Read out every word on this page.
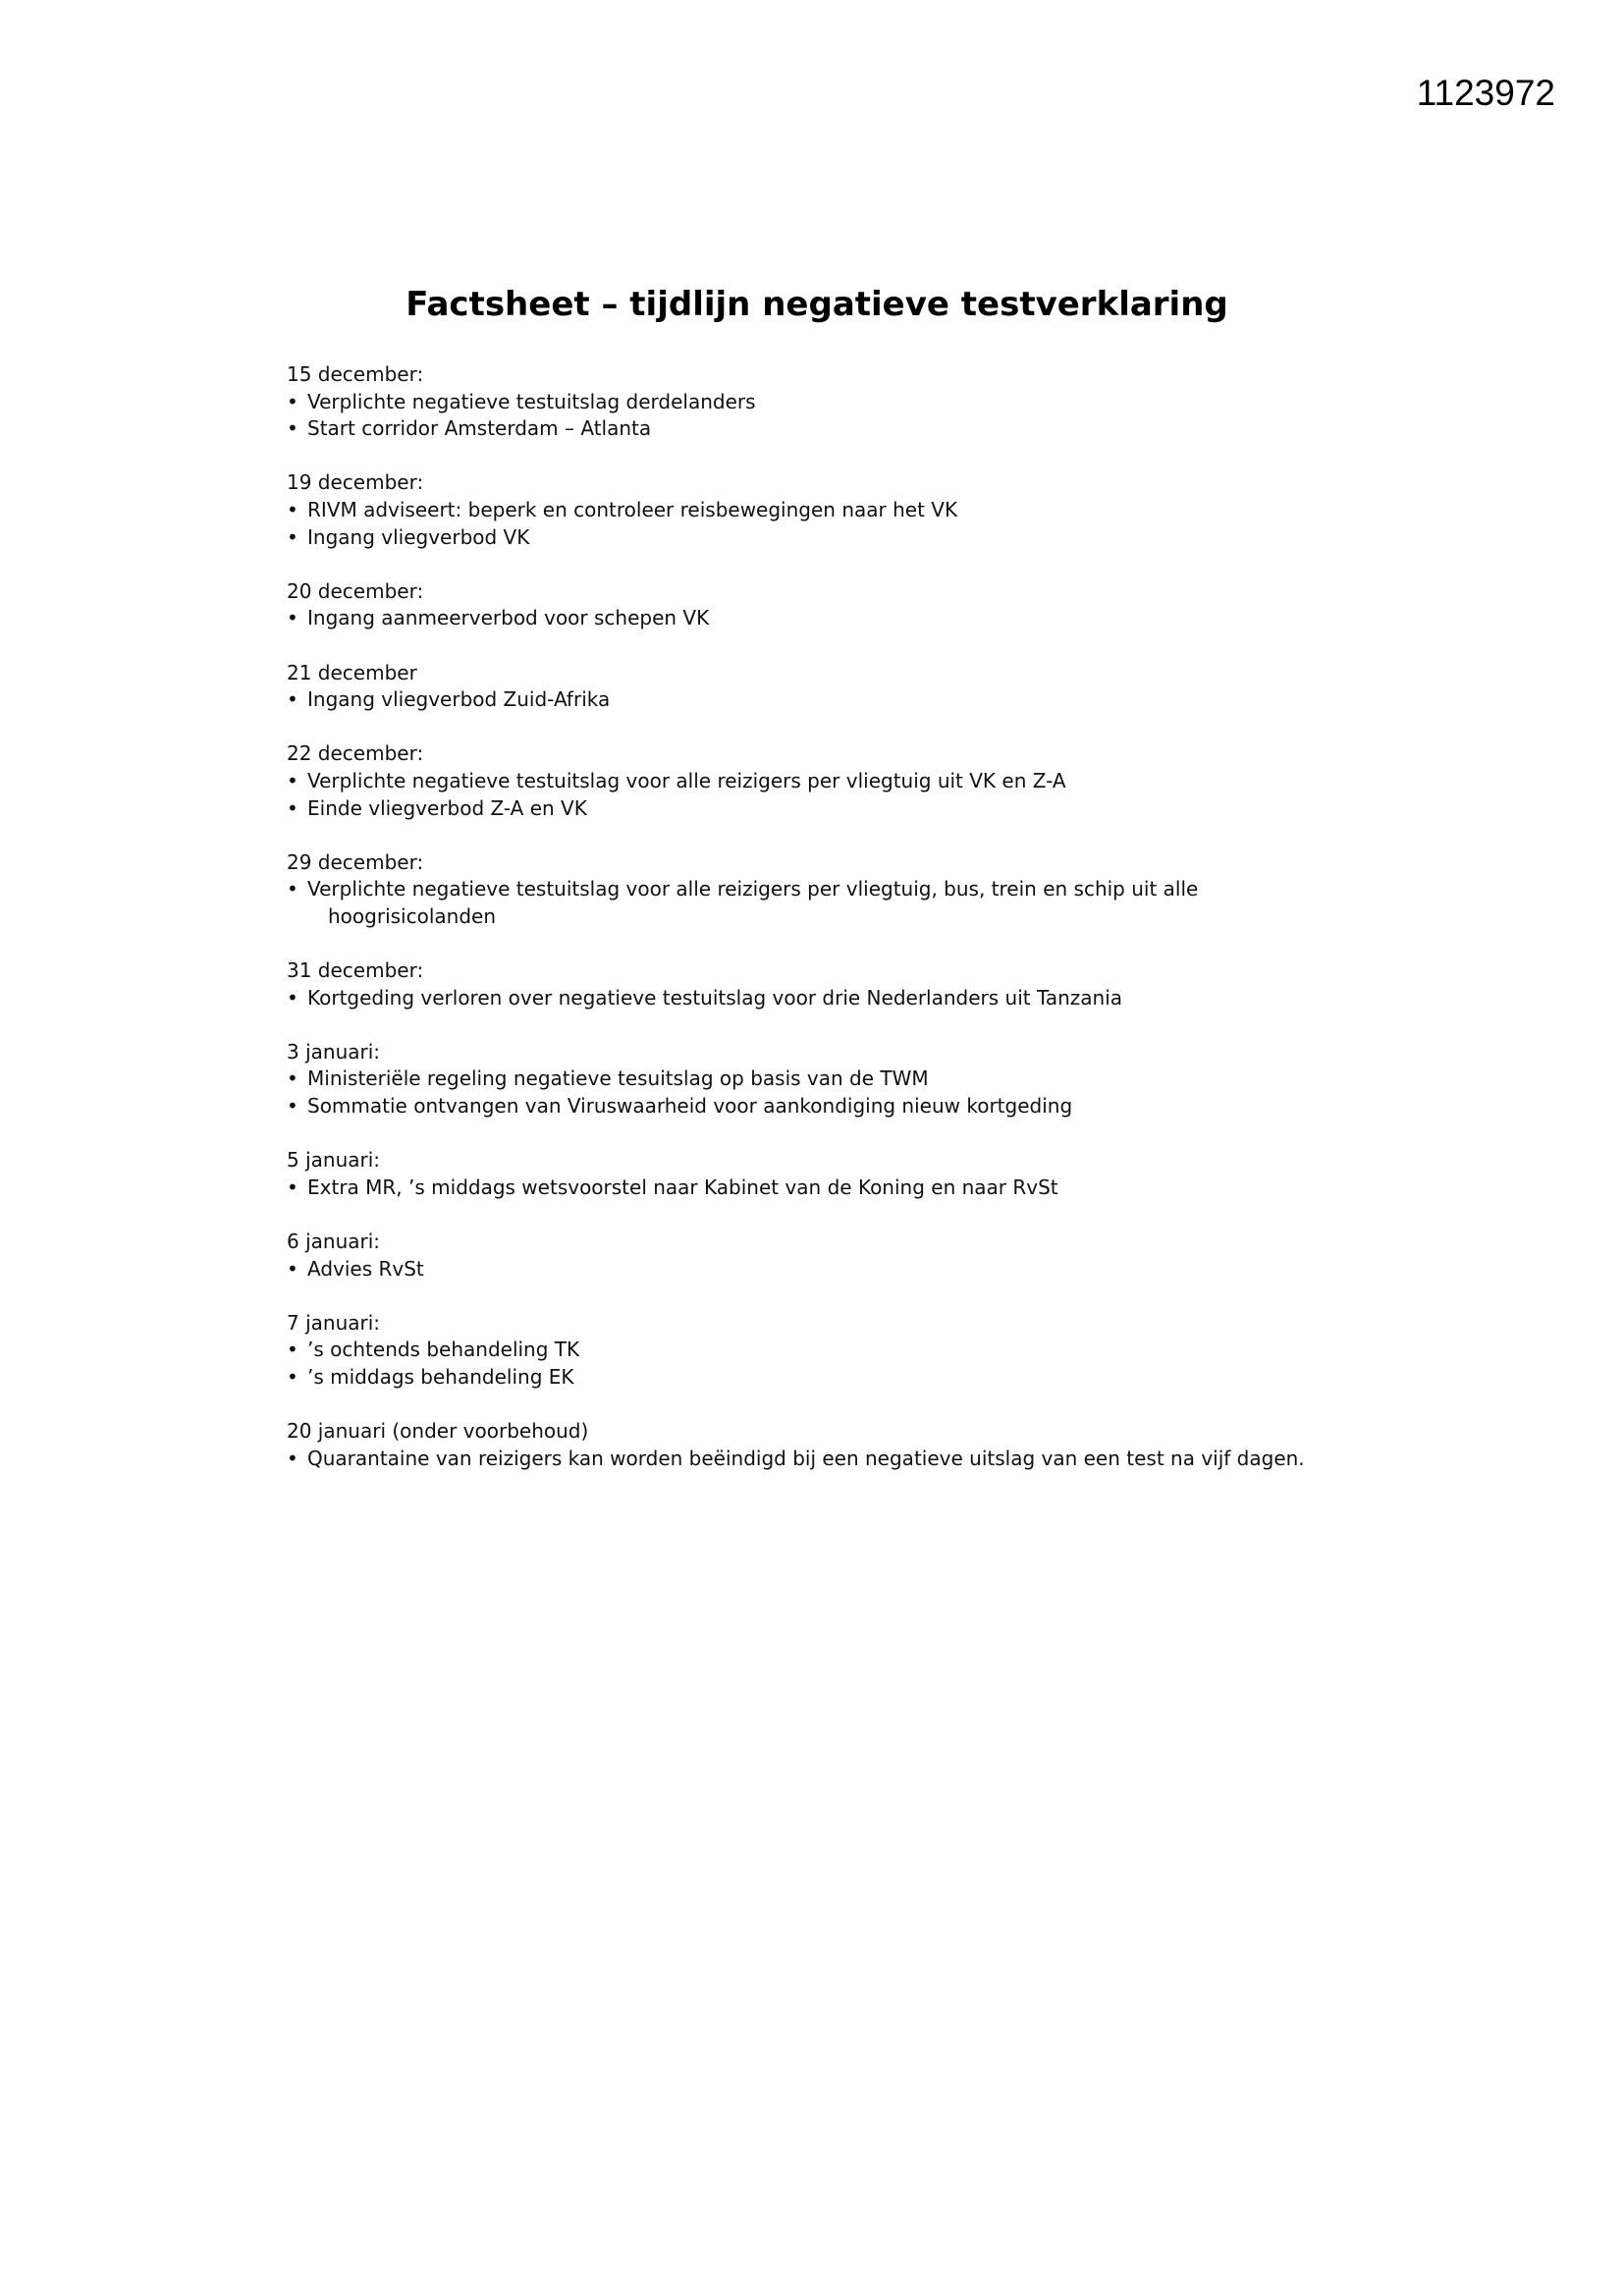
1123972
Factsheet – tijdlijn negatieve testverklaring
15 december:
• Verplichte negatieve testuitslag derdelanders
• Start corridor Amsterdam – Atlanta
19 december:
• RIVM adviseert: beperk en controleer reisbewegingen naar het VK
• Ingang vliegverbod VK
20 december:
• Ingang aanmeerverbod voor schepen VK
21 december
• Ingang vliegverbod Zuid-Afrika
22 december:
• Verplichte negatieve testuitslag voor alle reizigers per vliegtuig uit VK en Z-A
• Einde vliegverbod Z-A en VK
29 december:
• Verplichte negatieve testuitslag voor alle reizigers per vliegtuig, bus, trein en schip uit alle hoogrisicolanden
31 december:
• Kortgeding verloren over negatieve testuitslag voor drie Nederlanders uit Tanzania
3 januari:
• Ministeriële regeling negatieve tesuitslag op basis van de TWM
• Sommatie ontvangen van Viruswaarheid voor aankondiging nieuw kortgeding
5 januari:
• Extra MR, ’s middags wetsvoorstel naar Kabinet van de Koning en naar RvSt
6 januari:
• Advies RvSt
7 januari:
• ’s ochtends behandeling TK
• ’s middags behandeling EK
20 januari (onder voorbehoud)
• Quarantaine van reizigers kan worden beëindigd bij een negatieve uitslag van een test na vijf dagen.
